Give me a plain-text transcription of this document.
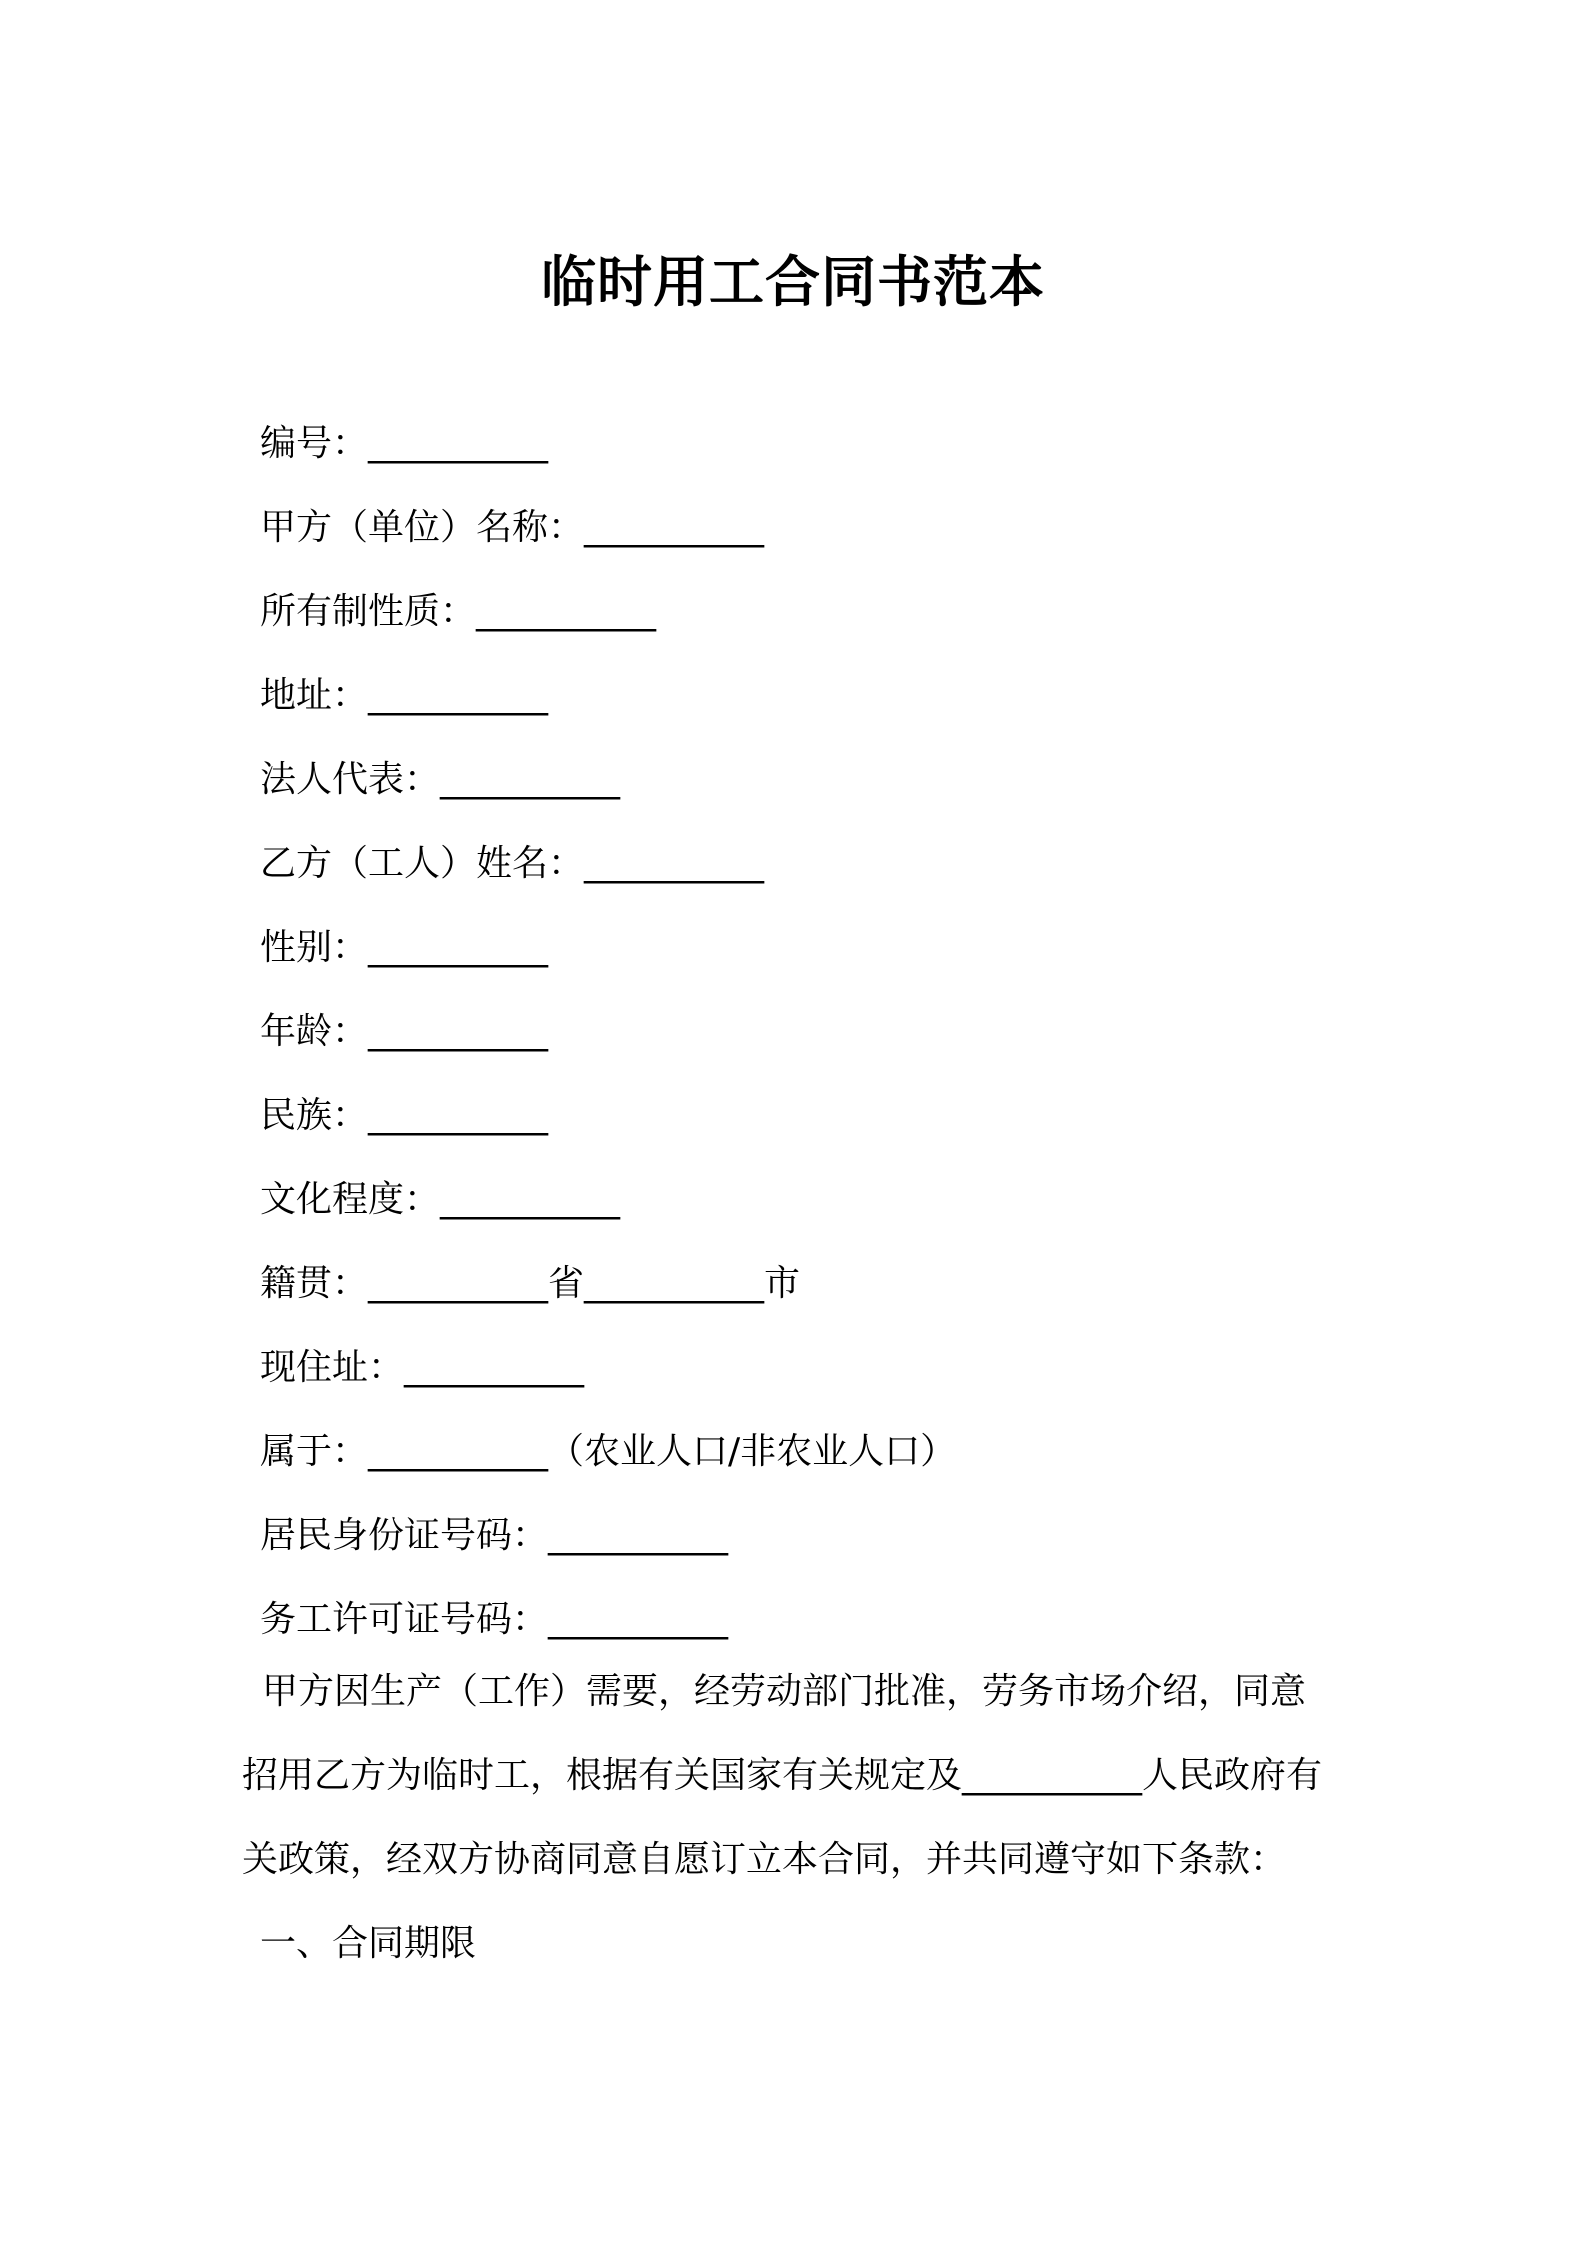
临时用工合同书范本

编号：__________

甲方（单位）名称：__________

所有制性质：__________

地址：__________

法人代表：__________

乙方（工人）姓名：__________

性别：__________

年龄：__________

民族：__________

文化程度：__________

籍贯：__________省__________市

现住址：__________

属于：__________（农业人口/非农业人口）

居民身份证号码：__________

务工许可证号码：__________

甲方因生产（工作）需要，经劳动部门批准，劳务市场介绍，同意
招用乙方为临时工，根据有关国家有关规定及__________人民政府有
关政策，经双方协商同意自愿订立本合同，并共同遵守如下条款：

一、合同期限
